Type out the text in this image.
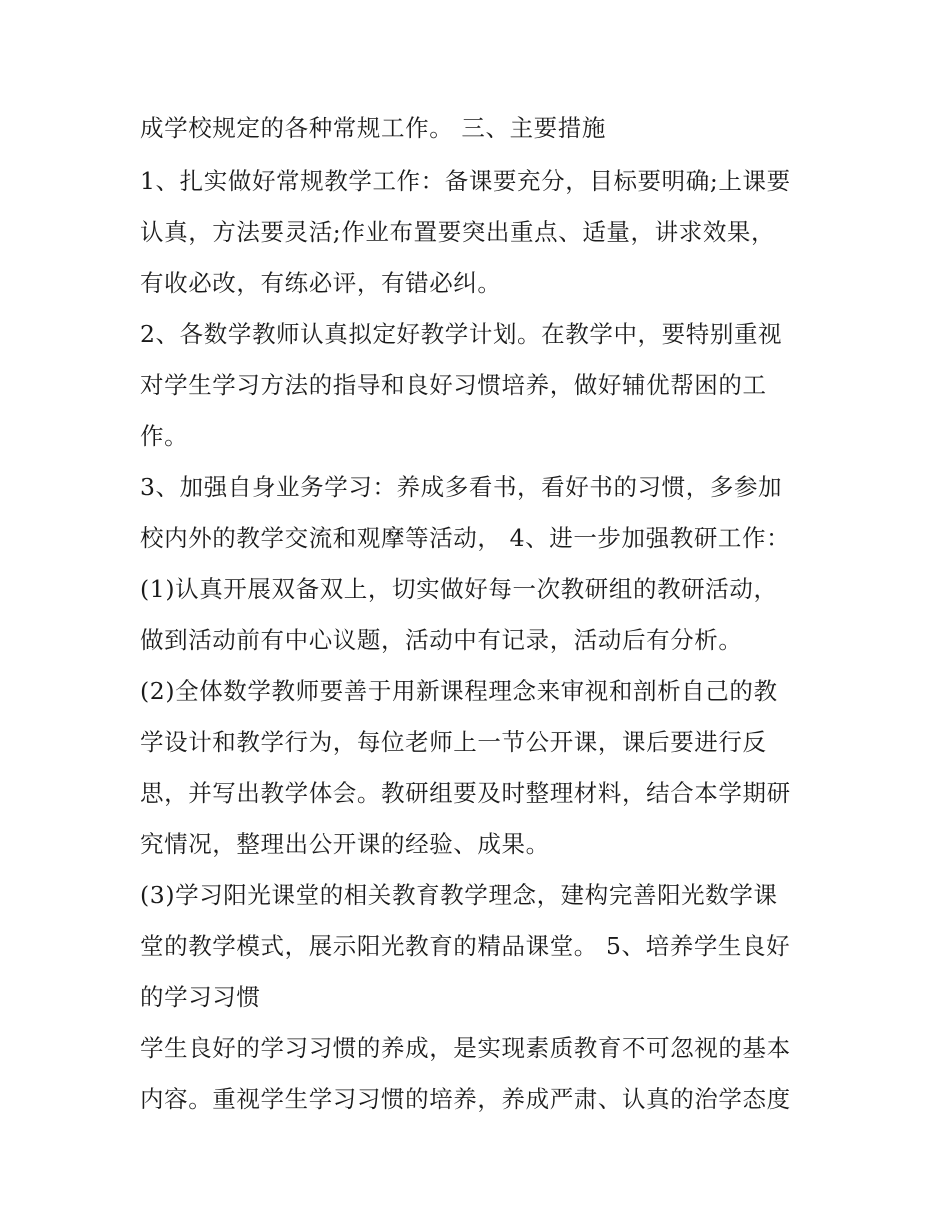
成学校规定的各种常规工作。 三、主要措施
1、扎实做好常规教学工作：备课要充分，目标要明确;上课要
认真，方法要灵活;作业布置要突出重点、适量，讲求效果，
有收必改，有练必评，有错必纠。
2、各数学教师认真拟定好教学计划。在教学中，要特别重视
对学生学习方法的指导和良好习惯培养，做好辅优帮困的工
作。
3、加强自身业务学习：养成多看书，看好书的习惯，多参加
校内外的教学交流和观摩等活动， 4、进一步加强教研工作：
(1)认真开展双备双上，切实做好每一次教研组的教研活动，
做到活动前有中心议题，活动中有记录，活动后有分析。
(2)全体数学教师要善于用新课程理念来审视和剖析自己的教
学设计和教学行为，每位老师上一节公开课，课后要进行反
思，并写出教学体会。教研组要及时整理材料，结合本学期研
究情况，整理出公开课的经验、成果。
(3)学习阳光课堂的相关教育教学理念，建构完善阳光数学课
堂的教学模式，展示阳光教育的精品课堂。 5、培养学生良好
的学习习惯
学生良好的学习习惯的养成，是实现素质教育不可忽视的基本
内容。重视学生学习习惯的培养，养成严肃、认真的治学态度
